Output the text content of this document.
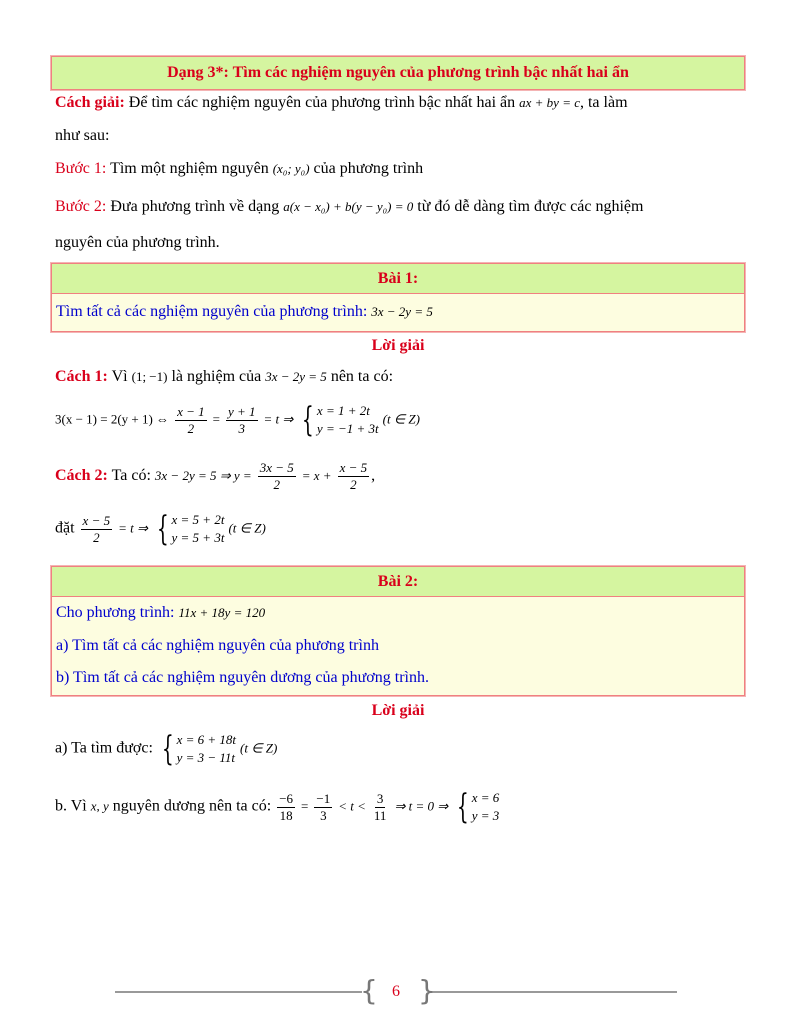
Dạng 3*: Tìm các nghiệm nguyên của phương trình bậc nhất hai ẩn
Cách giải: Để tìm các nghiệm nguyên của phương trình bậc nhất hai ẩn ax + by = c, ta làm
như sau:
Bước 1: Tìm một nghiệm nguyên (x₀; y₀) của phương trình
Bước 2: Đưa phương trình về dạng a(x − x₀) + b(y − y₀) = 0 từ đó dễ dàng tìm được các nghiệm
nguyên của phương trình.
Bài 1:
Tìm tất cả các nghiệm nguyên của phương trình: 3x − 2y = 5
Lời giải
Cách 1: Vì (1; −1) là nghiệm của 3x − 2y = 5 nên ta có:
3(x − 1) = 2(y + 1) ⇔ $\frac{x - 1}{2} = \frac{y + 1}{3} = t$ ⇒ { x = 1 + 2t
y = −1 + 3t
(t ∈ Z)
Cách 2: Ta có: 3x − 2y = 5 ⇒ $y = \frac{3x - 5}{2} = x + \frac{x - 5}{2}$ ,
đặt $\frac{x - 5}{2} = t$ ⇒ { x = 5 + 2t
y = 5 + 3t
(t ∈ Z)
Bài 2:
Cho phương trình: 11x + 18y = 120
a) Tìm tất cả các nghiệm nguyên của phương trình
b) Tìm tất cả các nghiệm nguyên dương của phương trình.
Lời giải
a) Ta tìm được: { x = 6 + 18t
y = 3 − 11t
(t ∈ Z)
b. Vì x, y nguyên dương nên ta có: $\frac{-6}{18} = \frac{-1}{3} < t < \frac{3}{11}$ ⇒ t = 0 ⇒ { x = 6
y = 3
{ }
6
